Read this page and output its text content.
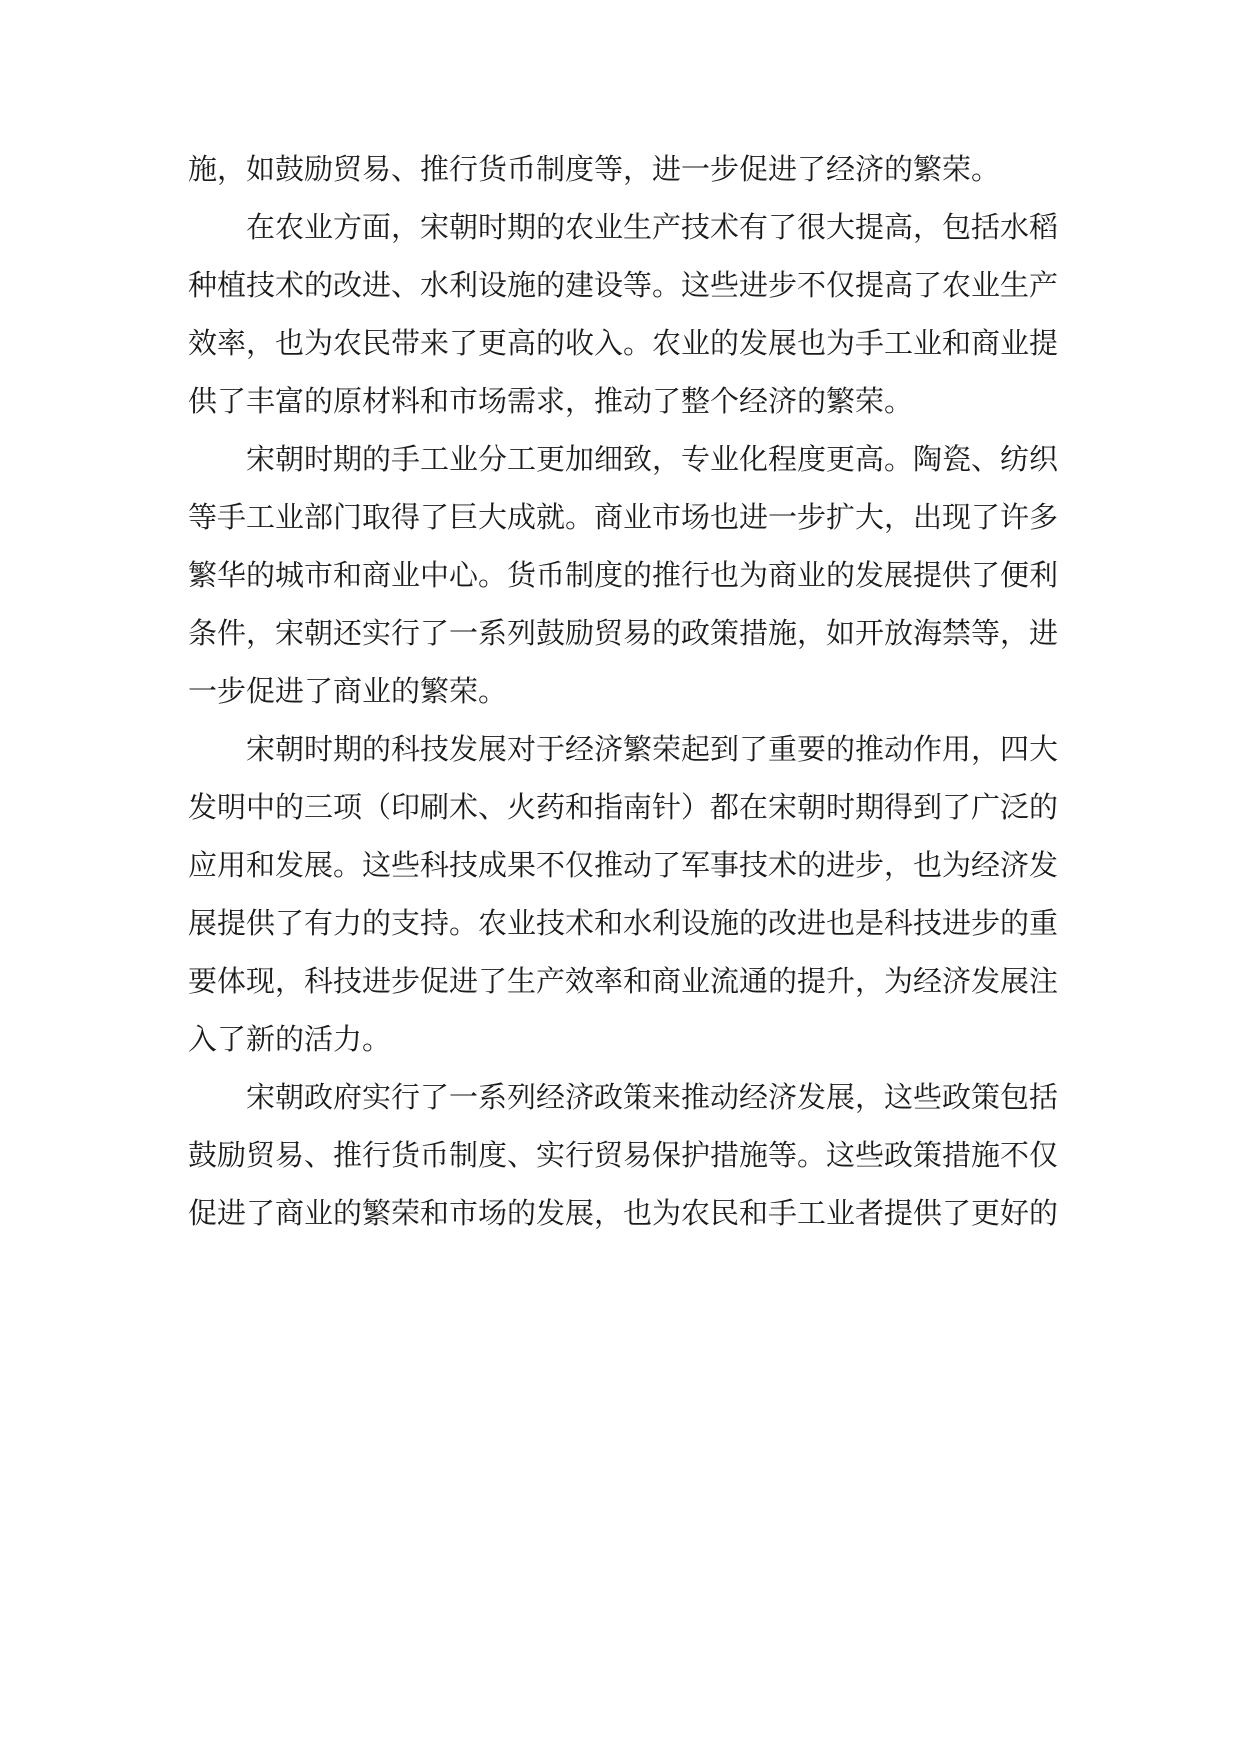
施，如鼓励贸易、推行货币制度等，进一步促进了经济的繁荣。

在农业方面，宋朝时期的农业生产技术有了很大提高，包括水稻种植技术的改进、水利设施的建设等。这些进步不仅提高了农业生产效率，也为农民带来了更高的收入。农业的发展也为手工业和商业提供了丰富的原材料和市场需求，推动了整个经济的繁荣。

宋朝时期的手工业分工更加细致，专业化程度更高。陶瓷、纺织等手工业部门取得了巨大成就。商业市场也进一步扩大，出现了许多繁华的城市和商业中心。货币制度的推行也为商业的发展提供了便利条件，宋朝还实行了一系列鼓励贸易的政策措施，如开放海禁等，进一步促进了商业的繁荣。

宋朝时期的科技发展对于经济繁荣起到了重要的推动作用，四大发明中的三项（印刷术、火药和指南针）都在宋朝时期得到了广泛的应用和发展。这些科技成果不仅推动了军事技术的进步，也为经济发展提供了有力的支持。农业技术和水利设施的改进也是科技进步的重要体现，科技进步促进了生产效率和商业流通的提升，为经济发展注入了新的活力。

宋朝政府实行了一系列经济政策来推动经济发展，这些政策包括鼓励贸易、推行货币制度、实行贸易保护措施等。这些政策措施不仅促进了商业的繁荣和市场的发展，也为农民和手工业者提供了更好的
